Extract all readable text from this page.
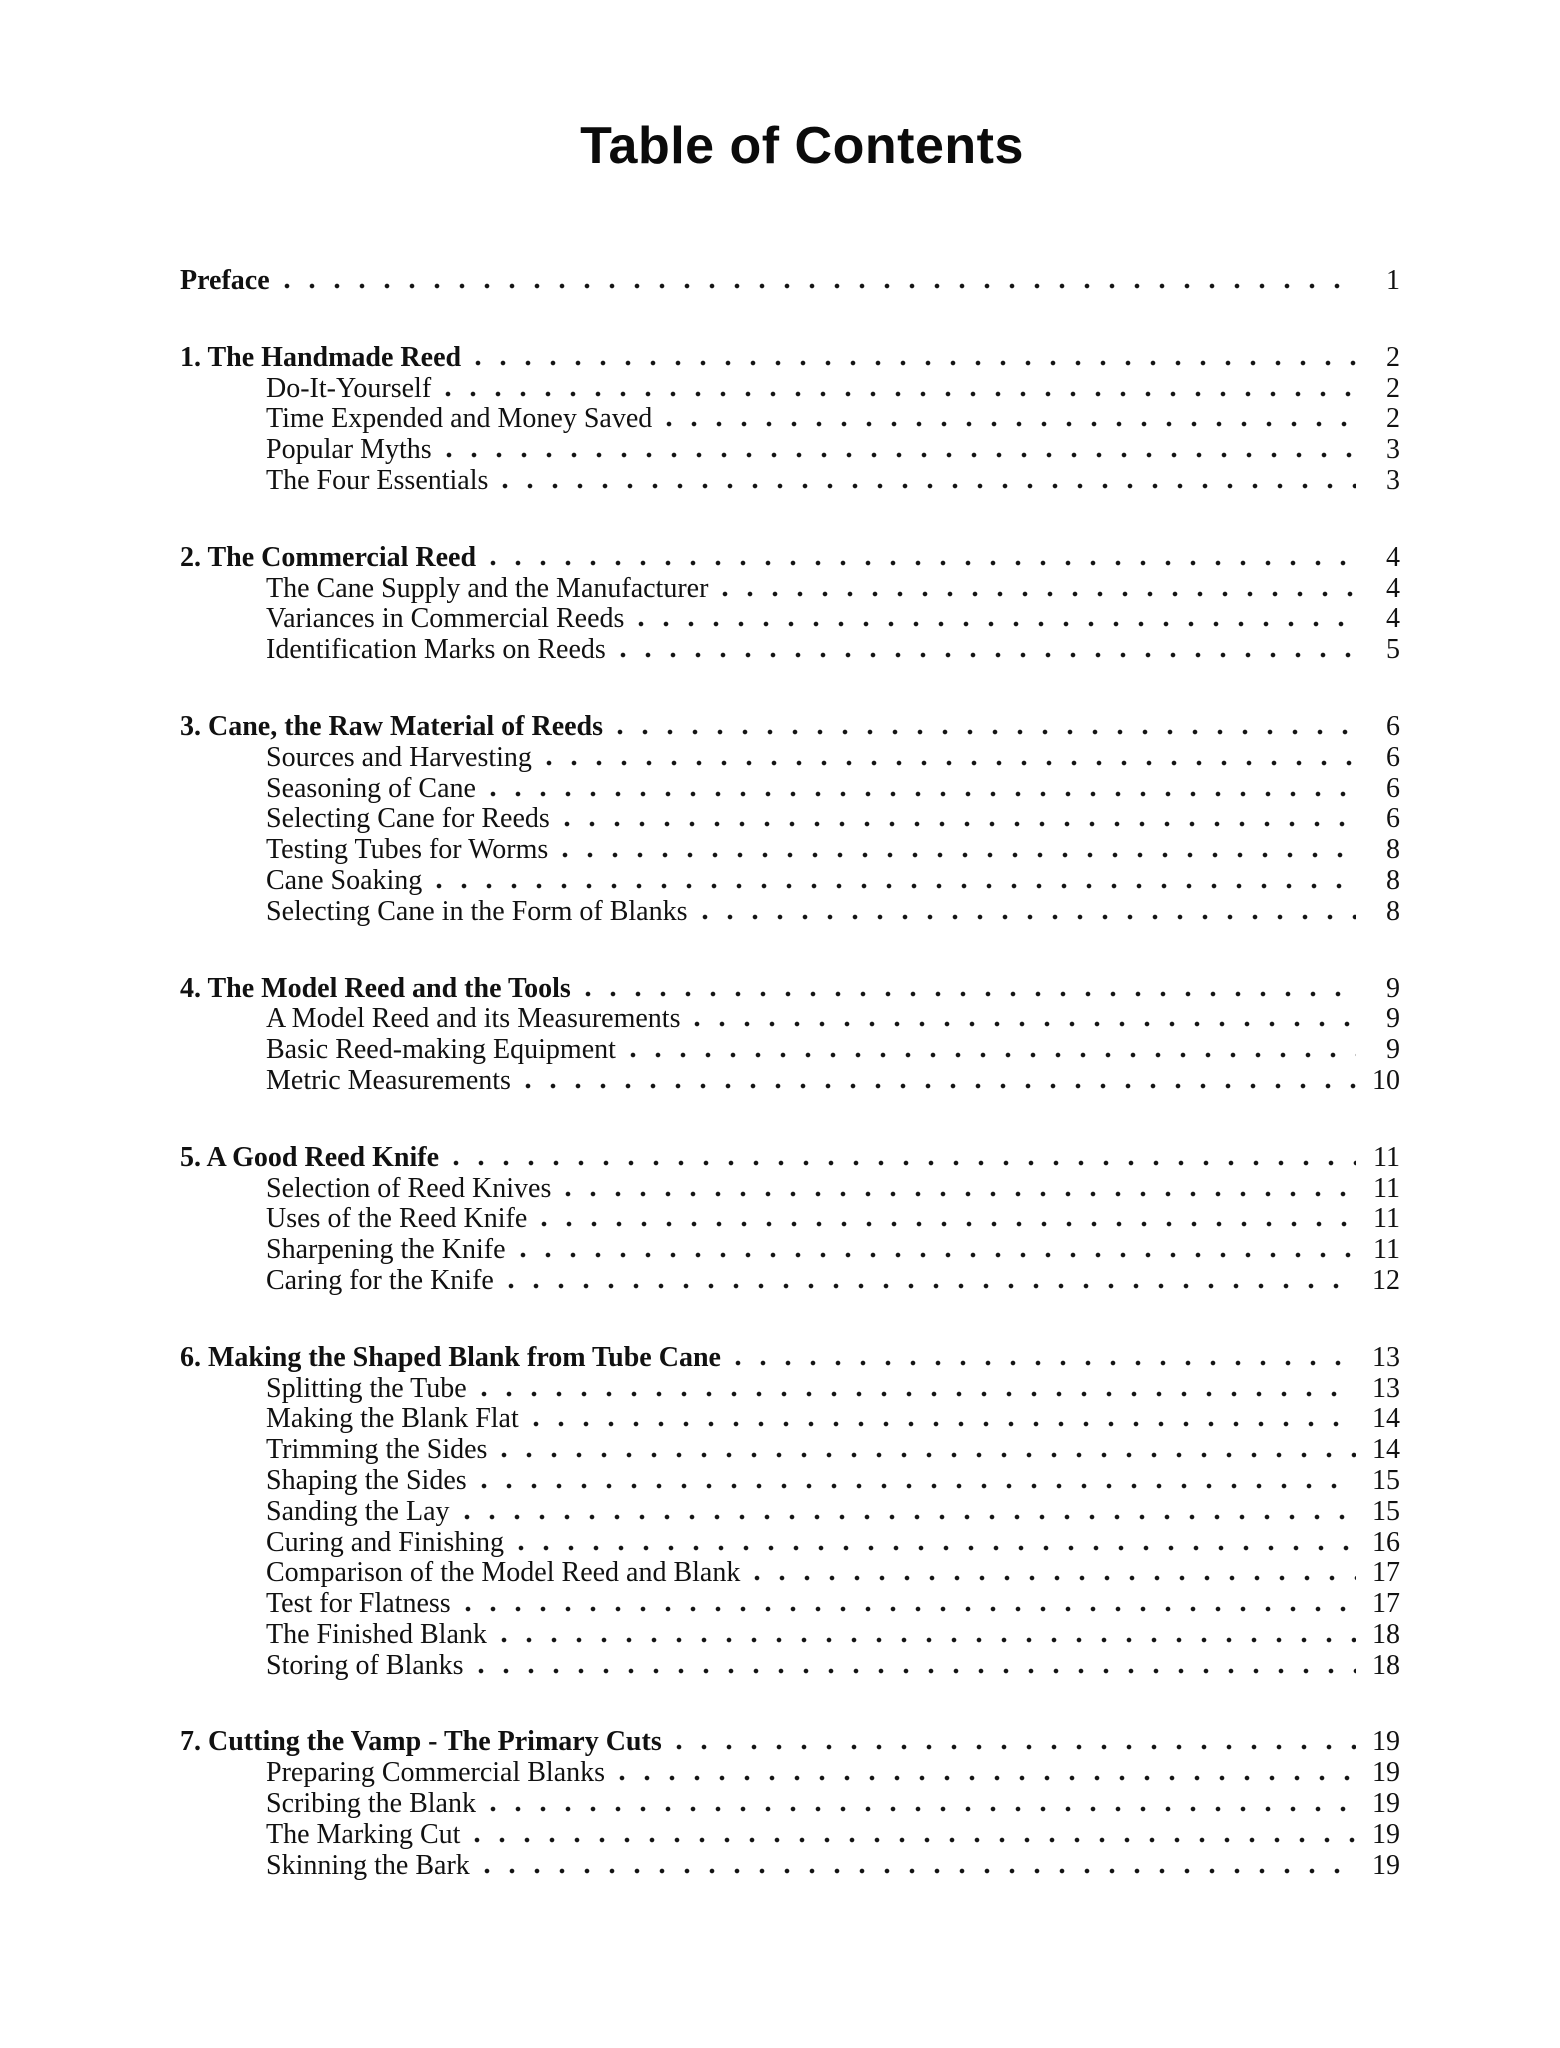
Table of Contents
Preface	1
1. The Handmade Reed	2
Do-It-Yourself	2
Time Expended and Money Saved	2
Popular Myths	3
The Four Essentials	3
2. The Commercial Reed	4
The Cane Supply and the Manufacturer	4
Variances in Commercial Reeds	4
Identification Marks on Reeds	5
3. Cane, the Raw Material of Reeds	6
Sources and Harvesting	6
Seasoning of Cane	6
Selecting Cane for Reeds	6
Testing Tubes for Worms	8
Cane Soaking	8
Selecting Cane in the Form of Blanks	8
4. The Model Reed and the Tools	9
A Model Reed and its Measurements	9
Basic Reed-making Equipment	9
Metric Measurements	10
5. A Good Reed Knife	11
Selection of Reed Knives	11
Uses of the Reed Knife	11
Sharpening the Knife	11
Caring for the Knife	12
6. Making the Shaped Blank from Tube Cane	13
Splitting the Tube	13
Making the Blank Flat	14
Trimming the Sides	14
Shaping the Sides	15
Sanding the Lay	15
Curing and Finishing	16
Comparison of the Model Reed and Blank	17
Test for Flatness	17
The Finished Blank	18
Storing of Blanks	18
7. Cutting the Vamp - The Primary Cuts	19
Preparing Commercial Blanks	19
Scribing the Blank	19
The Marking Cut	19
Skinning the Bark	19
